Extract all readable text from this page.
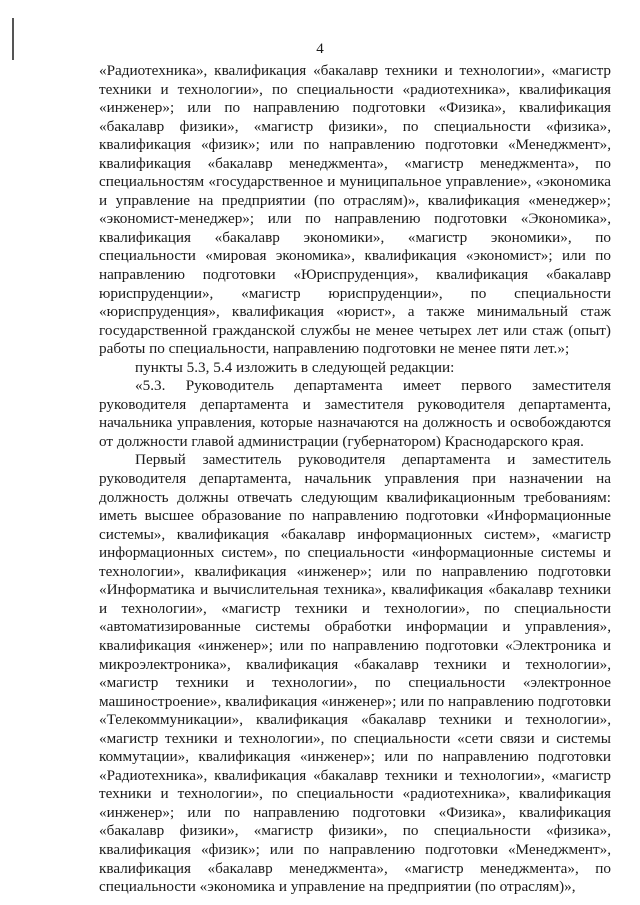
4

«Радиотехника», квалификация «бакалавр техники и технологии», «магистр техники и технологии», по специальности «радиотехника», квалификация «инженер»; или по направлению подготовки «Физика», квалификация «бакалавр физики», «магистр физики», по специальности «физика», квалификация «физик»; или по направлению подготовки «Менеджмент», квалификация «бакалавр менеджмента», «магистр менеджмента», по специальностям «государственное и муниципальное управление», «экономика и управление на предприятии (по отраслям)», квалификация «менеджер»; «экономист-менеджер»; или по направлению подготовки «Экономика», квалификация «бакалавр экономики», «магистр экономики», по специальности «мировая экономика», квалификация «экономист»; или по направлению подготовки «Юриспруденция», квалификация «бакалавр юриспруденции», «магистр юриспруденции», по специальности «юриспруденция», квалификация «юрист», а также минимальный стаж государственной гражданской службы не менее четырех лет или стаж (опыт) работы по специальности, направлению подготовки не менее пяти лет.»;

пункты 5.3, 5.4 изложить в следующей редакции:

«5.3. Руководитель департамента имеет первого заместителя руководителя департамента и заместителя руководителя департамента, начальника управления, которые назначаются на должность и освобождаются от должности главой администрации (губернатором) Краснодарского края.

Первый заместитель руководителя департамента и заместитель руководителя департамента, начальник управления при назначении на должность должны отвечать следующим квалификационным требованиям: иметь высшее образование по направлению подготовки «Информационные системы», квалификация «бакалавр информационных систем», «магистр информационных систем», по специальности «информационные системы и технологии», квалификация «инженер»; или по направлению подготовки «Информатика и вычислительная техника», квалификация «бакалавр техники и технологии», «магистр техники и технологии», по специальности «автоматизированные системы обработки информации и управления», квалификация «инженер»; или по направлению подготовки «Электроника и микроэлектроника», квалификация «бакалавр техники и технологии», «магистр техники и технологии», по специальности «электронное машиностроение», квалификация «инженер»; или по направлению подготовки «Телекоммуникации», квалификация «бакалавр техники и технологии», «магистр техники и технологии», по специальности «сети связи и системы коммутации», квалификация «инженер»; или по направлению подготовки «Радиотехника», квалификация «бакалавр техники и технологии», «магистр техники и технологии», по специальности «радиотехника», квалификация «инженер»; или по направлению подготовки «Физика», квалификация «бакалавр физики», «магистр физики», по специальности «физика», квалификация «физик»; или по направлению подготовки «Менеджмент», квалификация «бакалавр менеджмента», «магистр менеджмента», по специальности «экономика и управление на предприятии (по отраслям)»,
